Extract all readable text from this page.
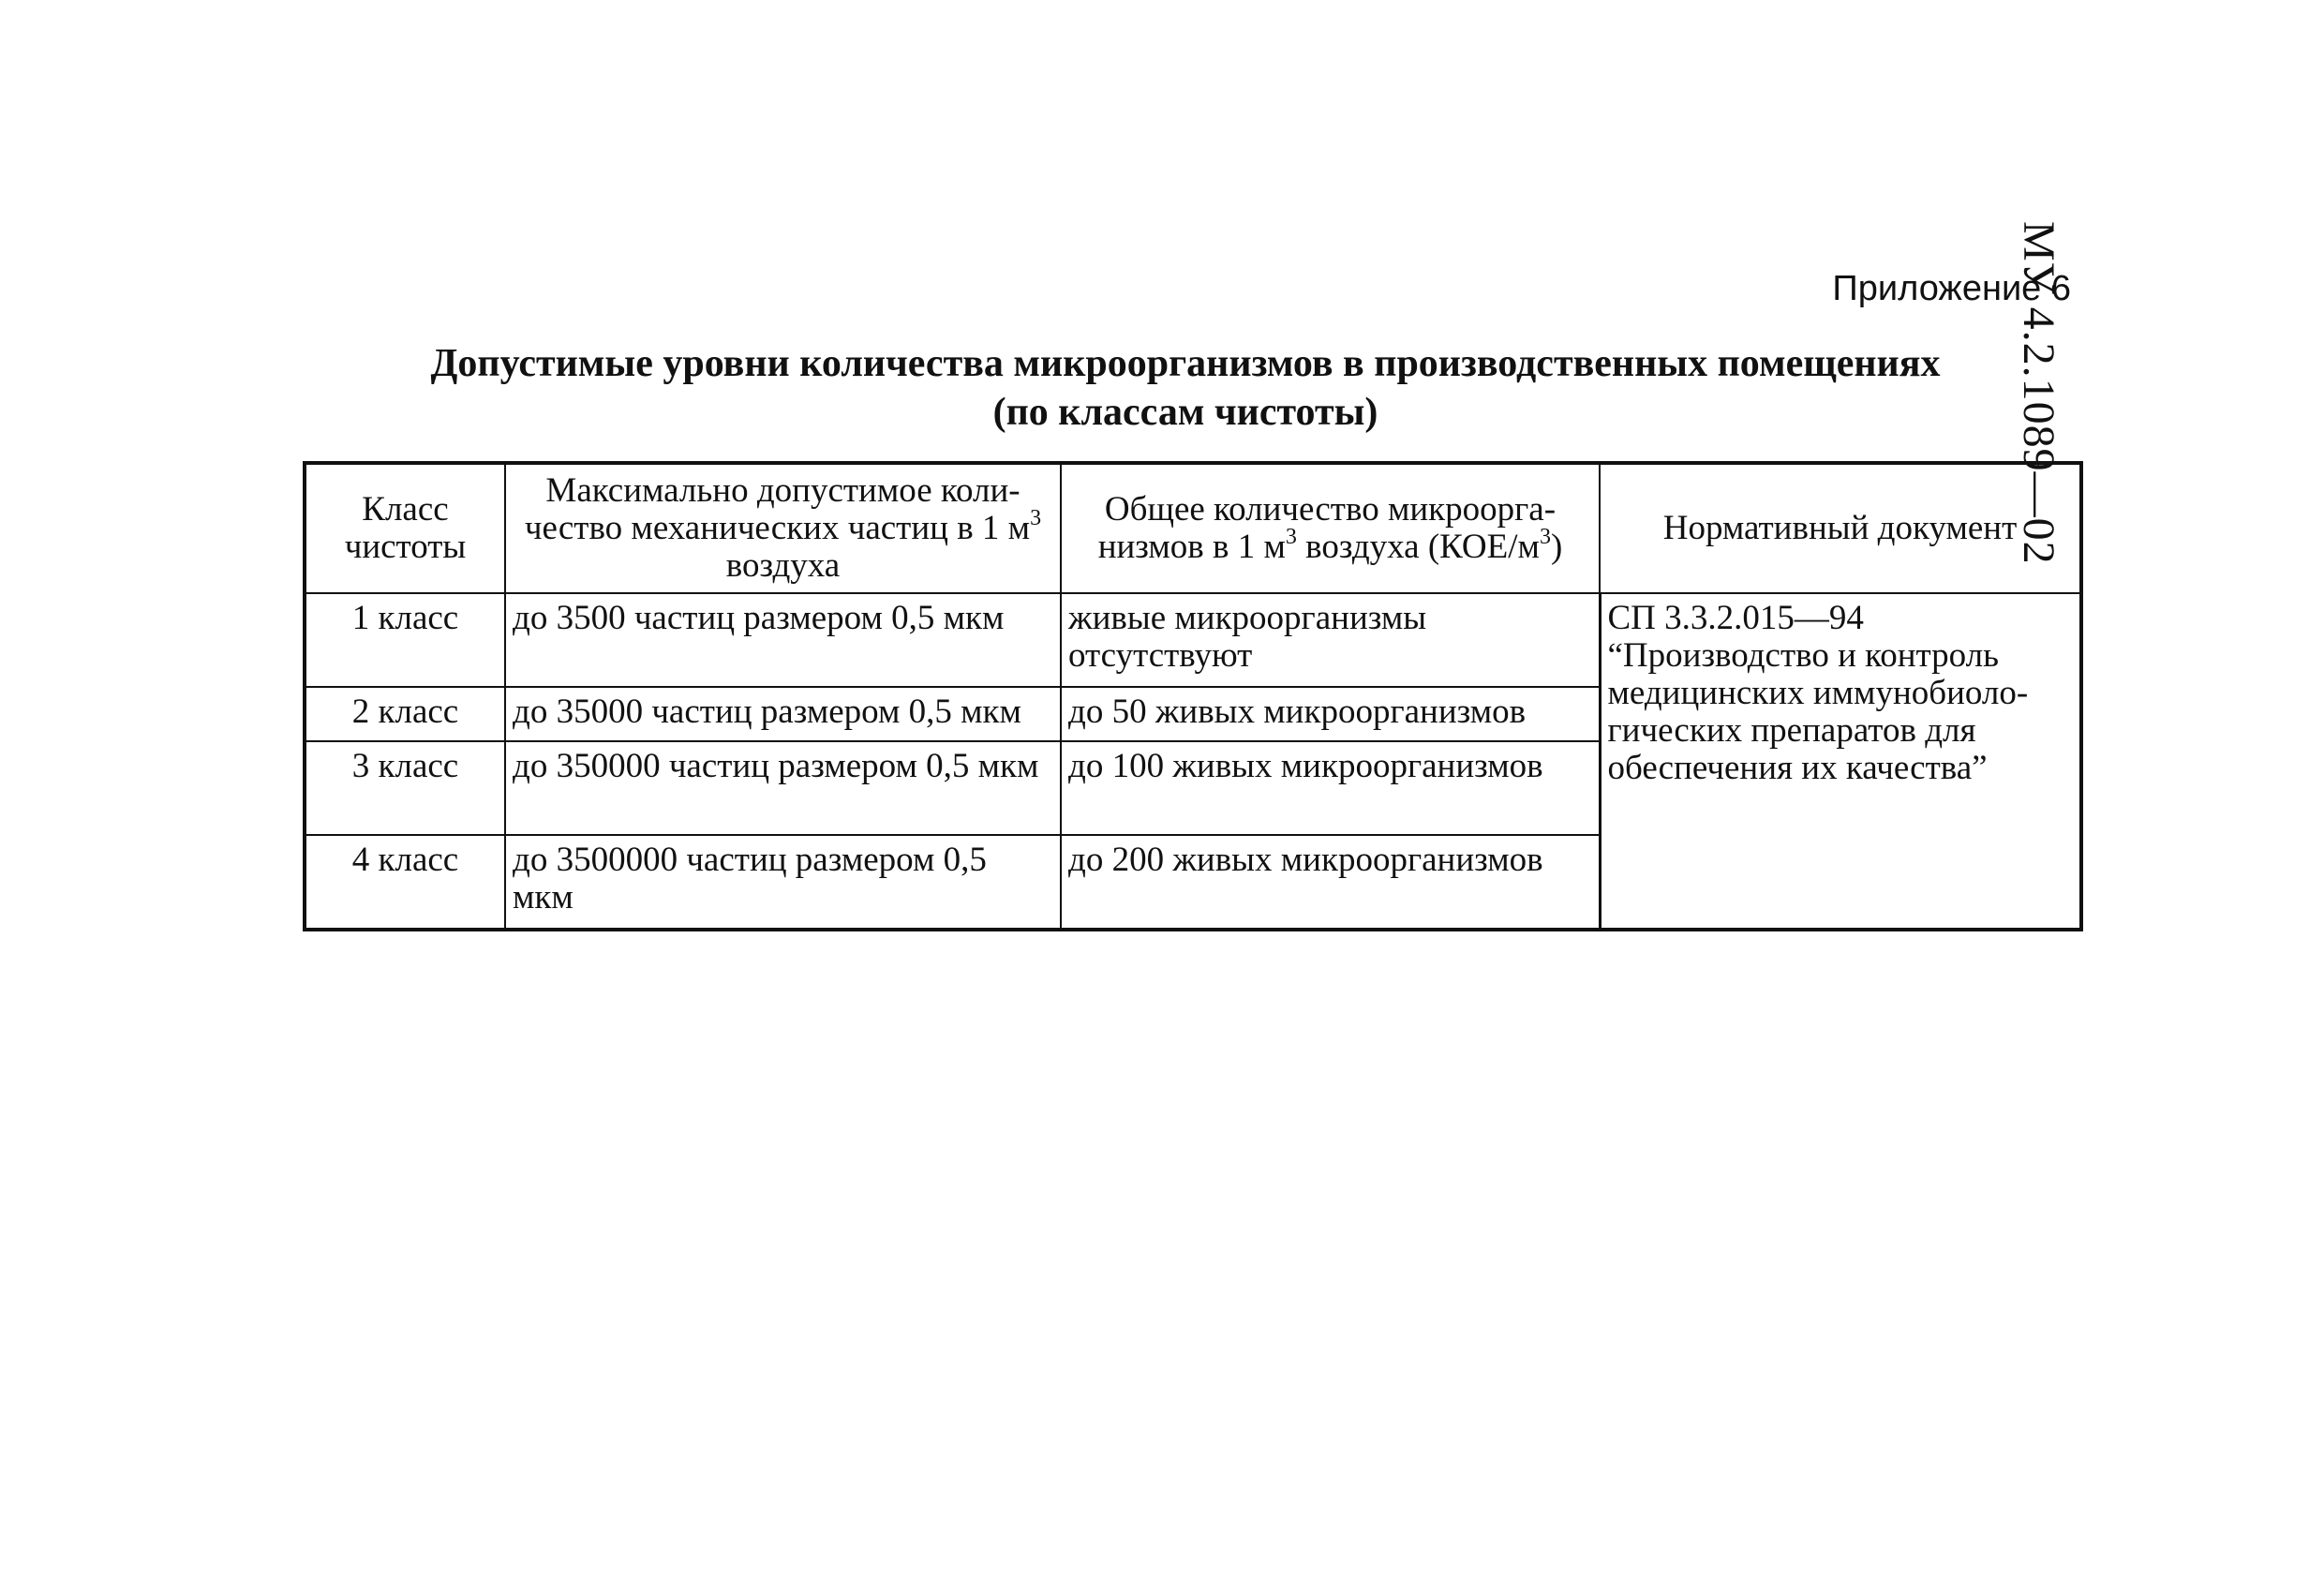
МУ 4.2.1089—02
Приложение 6
Допустимые уровни количества микроорганизмов в производственных помещениях
(по классам чистоты)
Класс чистоты	Максимально допустимое коли-чество механических частиц в 1 $м^3$ воздуха	Общее количество микроорга-низмов в 1 $м^3$ воздуха $(КОЕ/м^3)$	Нормативный документ

1 класс	до 3500 частиц размером 0,5 мкм	живые микроорганизмы отсутствуют	СП 3.3.2.015—94
“Производство и контроль медицинских иммунобиоло-гических препаратов для обеспечения их качества”

2 класс	до 35000 частиц размером 0,5 мкм	до 50 живых микроорганизмов	
3 класс	до 350000 частиц размером 0,5 мкм	до 100 живых микроорганизмов	
4 класс	до 3500000 частиц размером 0,5 мкм	до 200 живых микроорганизмов	
